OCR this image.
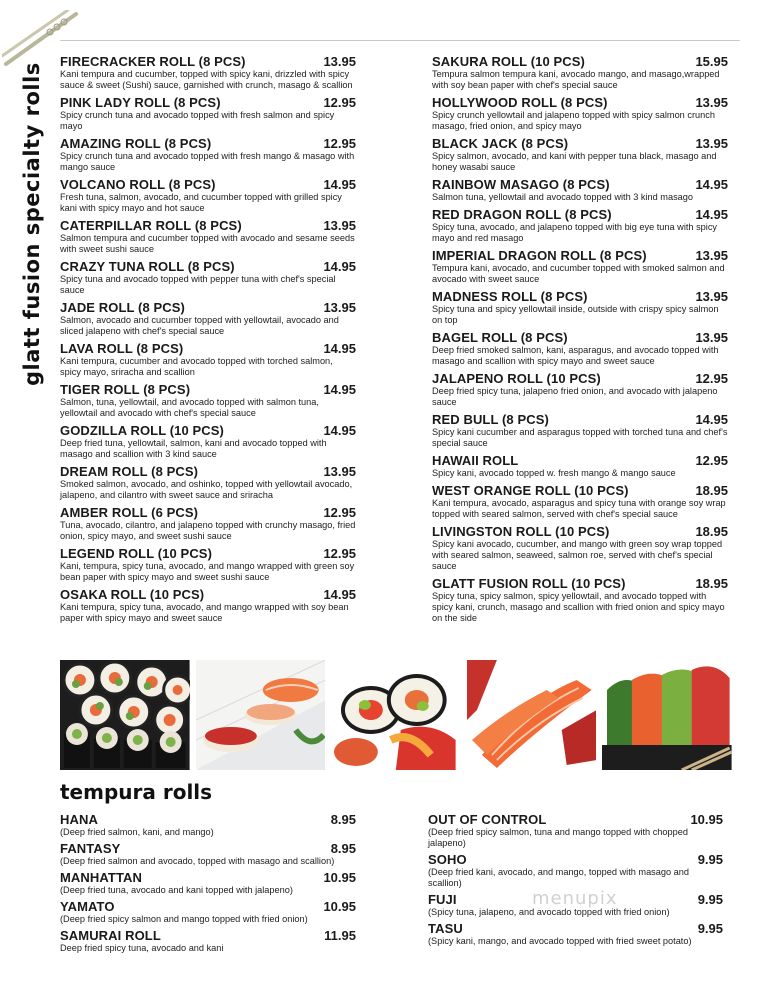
glatt fusion specialty rolls
FIRECRACKER ROLL (8 PCS)	13.95
Kani tempura and cucumber, topped with spicy kani, drizzled with spicy sauce & sweet (Sushi) sauce, garnished with crunch, masago & scallion
PINK LADY ROLL (8 PCS)	12.95
Spicy crunch tuna and avocado topped with fresh salmon and spicy mayo
AMAZING ROLL (8 PCS)	12.95
Spicy crunch tuna and avocado topped with fresh mango & masago with mango sauce
VOLCANO ROLL (8 PCS)	14.95
Fresh tuna, salmon, avocado, and cucumber topped with grilled spicy kani with spicy mayo and hot sauce
CATERPILLAR ROLL (8 PCS)	13.95
Salmon tempura and cucumber topped with avocado and sesame seeds with sweet sushi sauce
CRAZY TUNA ROLL (8 PCS)	14.95
Spicy tuna and avocado topped with pepper tuna with chef's special sauce
JADE ROLL (8 PCS)	13.95
Salmon, avocado and cucumber topped with yellowtail, avocado and sliced jalapeno with chef's special sauce
LAVA ROLL (8 PCS)	14.95
Kani tempura, cucumber and avocado topped with torched salmon, spicy mayo, sriracha and scallion
TIGER ROLL (8 PCS)	14.95
Salmon, tuna, yellowtail, and avocado topped with salmon tuna, yellowtail and avocado with chef's special sauce
GODZILLA ROLL (10 PCS)	14.95
Deep fried tuna, yellowtail, salmon, kani and avocado topped with masago and scallion with 3 kind sauce
DREAM ROLL (8 PCS)	13.95
Smoked salmon, avocado, and oshinko, topped with yellowtail avocado, jalapeno, and cilantro with sweet sauce and sriracha
AMBER ROLL (6 PCS)	12.95
Tuna, avocado, cilantro, and jalapeno topped with crunchy masago, fried onion, spicy mayo, and sweet sushi sauce
LEGEND ROLL (10 PCS)	12.95
Kani, tempura, spicy tuna, avocado, and mango wrapped with green soy bean paper with spicy mayo and sweet sushi sauce
OSAKA ROLL (10 PCS)	14.95
Kani tempura, spicy tuna, avocado, and mango wrapped with soy bean paper with spicy mayo and sweet sauce
SAKURA ROLL (10 PCS)	15.95
Tempura salmon tempura kani, avocado mango, and masago,wrapped with soy bean paper with chef's special sauce
HOLLYWOOD ROLL (8 PCS)	13.95
Spicy crunch yellowtail and jalapeno topped with spicy salmon crunch masago, fried onion, and spicy mayo
BLACK JACK (8 PCS)	13.95
Spicy salmon, avocado, and kani with pepper tuna black, masago and honey wasabi sauce
RAINBOW MASAGO (8 PCS)	14.95
Salmon tuna, yellowtail and avocado topped with 3 kind masago
RED DRAGON ROLL (8 PCS)	14.95
Spicy tuna, avocado, and jalapeno topped with big eye tuna with spicy mayo and red masago
IMPERIAL DRAGON ROLL (8 PCS)	13.95
Tempura kani, avocado, and cucumber topped with smoked salmon and avocado with sweet sauce
MADNESS ROLL (8 PCS)	13.95
Spicy tuna and spicy yellowtail inside, outside with crispy spicy salmon on top
BAGEL ROLL (8 PCS)	13.95
Deep fried smoked salmon, kani, asparagus, and avocado topped with masago and scallion with spicy mayo and sweet sauce
JALAPENO ROLL (10 PCS)	12.95
Deep fried spicy tuna, jalapeno fried onion, and avocado with jalapeno sauce
RED BULL (8 PCS)	14.95
Spicy kani cucumber and asparagus topped with torched tuna and chef's special sauce
HAWAII ROLL	12.95
Spicy kani, avocado topped w. fresh mango & mango sauce
WEST ORANGE ROLL (10 PCS)	18.95
Kani tempura, avocado, asparagus and spicy tuna with orange soy wrap topped with seared salmon, served with chef's special sauce
LIVINGSTON ROLL (10 PCS)	18.95
Spicy kani avocado, cucumber, and mango with green soy wrap topped with seared salmon, seaweed, salmon roe, served with chef's special sauce
GLATT FUSION ROLL (10 PCS)	18.95
Spicy tuna, spicy salmon, spicy yellowtail, and avocado topped with spicy kani, crunch, masago and scallion with fried onion and spicy mayo on the side
tempura rolls
HANA	8.95
(Deep fried salmon, kani, and mango)
FANTASY	8.95
(Deep fried salmon and avocado, topped with masago and scallion)
MANHATTAN	10.95
(Deep fried tuna, avocado and kani topped with jalapeno)
YAMATO	10.95
(Deep fried spicy salmon and mango topped with fried onion)
SAMURAI ROLL	11.95
Deep fried spicy tuna, avocado and kani
OUT OF CONTROL	10.95
(Deep fried spicy salmon, tuna and mango topped with chopped jalapeno)
SOHO	9.95
(Deep fried kani, avocado, and mango, topped with masago and scallion)
FUJI	9.95
(Spicy tuna, jalapeno, and avocado topped with fried onion)
TASU	9.95
(Spicy kani, mango, and avocado topped with fried sweet potato)
menupix
